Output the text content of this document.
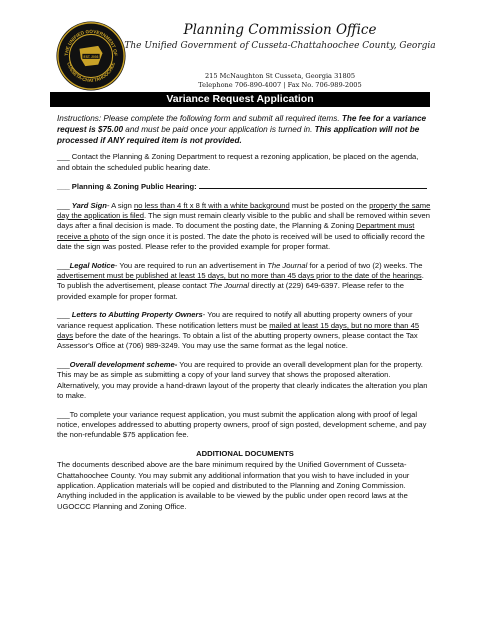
THE UNIFIED GOVERNMENT OF
CUSSETA-CHATTAHOOCHEE
EST. 2003
Planning Commission Office
The Unified Government of Cusseta-Chattahoochee County, Georgia
215 McNaughton St Cusseta, Georgia 31805
Telephone 706-890-4007 | Fax No. 706-989-2005
Variance Request Application

Instructions: Please complete the following form and submit all required items. The fee for a variance request is $75.00 and must be paid once your application is turned in. This application will not be processed if ANY required item is not provided.

___ Contact the Planning & Zoning Department to request a rezoning application, be placed on the agenda, and obtain the scheduled public hearing date.

___ Planning & Zoning Public Hearing:

___ Yard Sign- A sign no less than 4 ft x 8 ft with a white background must be posted on the property the same day the application is filed. The sign must remain clearly visible to the public and shall be removed within seven days after a final decision is made. To document the posting date, the Planning & Zoning Department must receive a photo of the sign once it is posted. The date the photo is received will be used to officially record the date the sign was posted. Please refer to the provided example for proper format.

___Legal Notice- You are required to run an advertisement in The Journal for a period of two (2) weeks. The advertisement must be published at least 15 days, but no more than 45 days prior to the date of the hearings. To publish the advertisement, please contact The Journal directly at (229) 649-6397. Please refer to the provided example for proper format.

___ Letters to Abutting Property Owners- You are required to notify all abutting property owners of your variance request application. These notification letters must be mailed at least 15 days, but no more than 45 days before the date of the hearings. To obtain a list of the abutting property owners, please contact the Tax Assessor's Office at (706) 989-3249. You may use the same format as the legal notice.

___Overall development scheme- You are required to provide an overall development plan for the property. This may be as simple as submitting a copy of your land survey that shows the proposed alteration. Alternatively, you may provide a hand-drawn layout of the property that clearly indicates the alteration you plan to make.

___To complete your variance request application, you must submit the application along with proof of legal notice, envelopes addressed to abutting property owners, proof of sign posted, development scheme, and pay the non-refundable $75 application fee.

ADDITIONAL DOCUMENTS

The documents described above are the bare minimum required by the Unified Government of Cusseta-Chattahoochee County. You may submit any additional information that you wish to have included in your application. Application materials will be copied and distributed to the Planning and Zoning Commission. Anything included in the application is available to be viewed by the public under open record laws at the UGOCCC Planning and Zoning Office.
